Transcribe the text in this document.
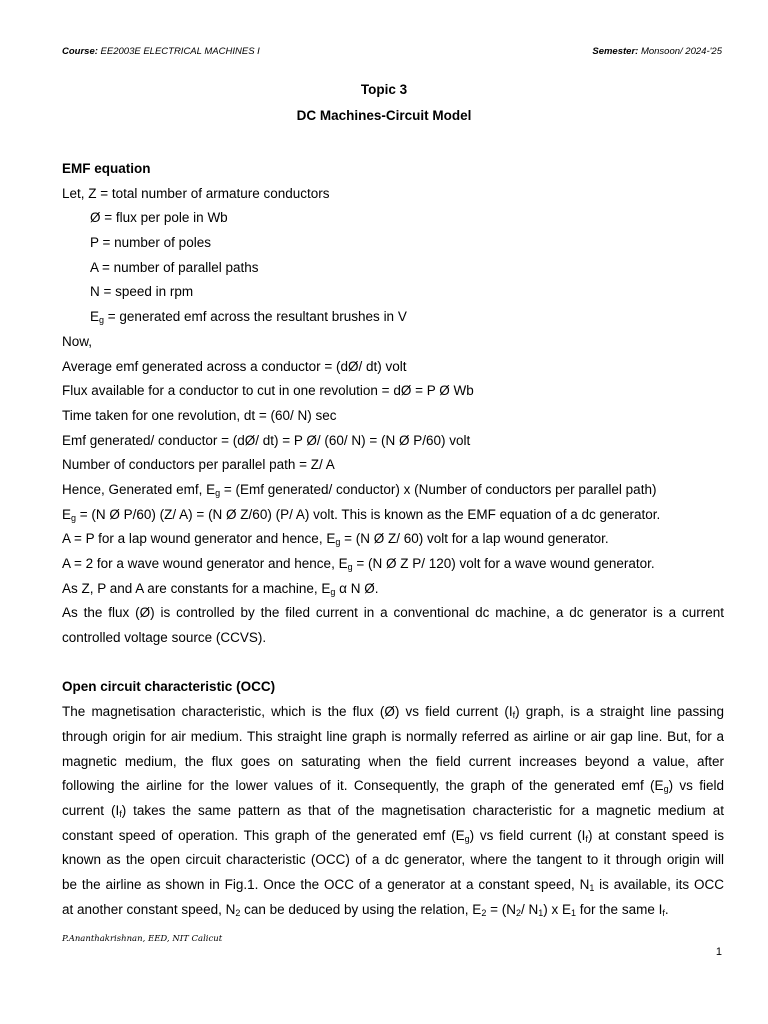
Course: EE2003E ELECTRICAL MACHINES I	Semester: Monsoon/ 2024-'25
Topic 3
DC Machines-Circuit Model
EMF equation
Let, Z = total number of armature conductors
Ø = flux per pole in Wb
P = number of poles
A = number of parallel paths
N = speed in rpm
$E_g$ = generated emf across the resultant brushes in V
Now,
Average emf generated across a conductor = (dØ/ dt) volt
Flux available for a conductor to cut in one revolution = dØ = P Ø Wb
Time taken for one revolution, dt = (60/ N) sec
Emf generated/ conductor = (dØ/ dt) = P Ø/ (60/ N) = (N Ø P/60) volt
Number of conductors per parallel path = Z/ A
Hence, Generated emf, $E_g = (Emf$ generated/ conductor) x (Number of conductors per parallel path)
$E_g = (N$ Ø P/60) (Z/ A) = (N Ø Z/60) (P/ A) volt. This is known as the EMF equation of a dc generator.
A = P for a lap wound generator and hence, $E_g = (N$ Ø Z/ 60) volt for a lap wound generator.
A = 2 for a wave wound generator and hence, $E_g = (N$ Ø Z P/ 120) volt for a wave wound generator.
As Z, P and A are constants for a machine, $E_g$ α N Ø.
As the flux (Ø) is controlled by the filed current in a conventional dc machine, a dc generator is a current
controlled voltage source (CCVS).
Open circuit characteristic (OCC)
The magnetisation characteristic, which is the flux (Ø) vs field current $(I_f)$ graph, is a straight line passing
through origin for air medium. This straight line graph is normally referred as airline or air gap line. But, for a
magnetic medium, the flux goes on saturating when the field current increases beyond a value, after
following the airline for the lower values of it. Consequently, the graph of the generated emf $(E_g)$ vs field
current $(I_f)$ takes the same pattern as that of the magnetisation characteristic for a magnetic medium at
constant speed of operation. This graph of the generated emf $(E_g)$ vs field current $(I_f)$ at constant speed is
known as the open circuit characteristic (OCC) of a dc generator, where the tangent to it through origin will
be the airline as shown in Fig.1. Once the OCC of a generator at a constant speed, $N_1$ is available, its OCC
at another constant speed, $N_2$ can be deduced by using the relation, $E_2 = (N_2/$ $N_1$) x $E_1$ for the same $I_f$.
P.Ananthakrishnan, EED, NIT Calicut
1
